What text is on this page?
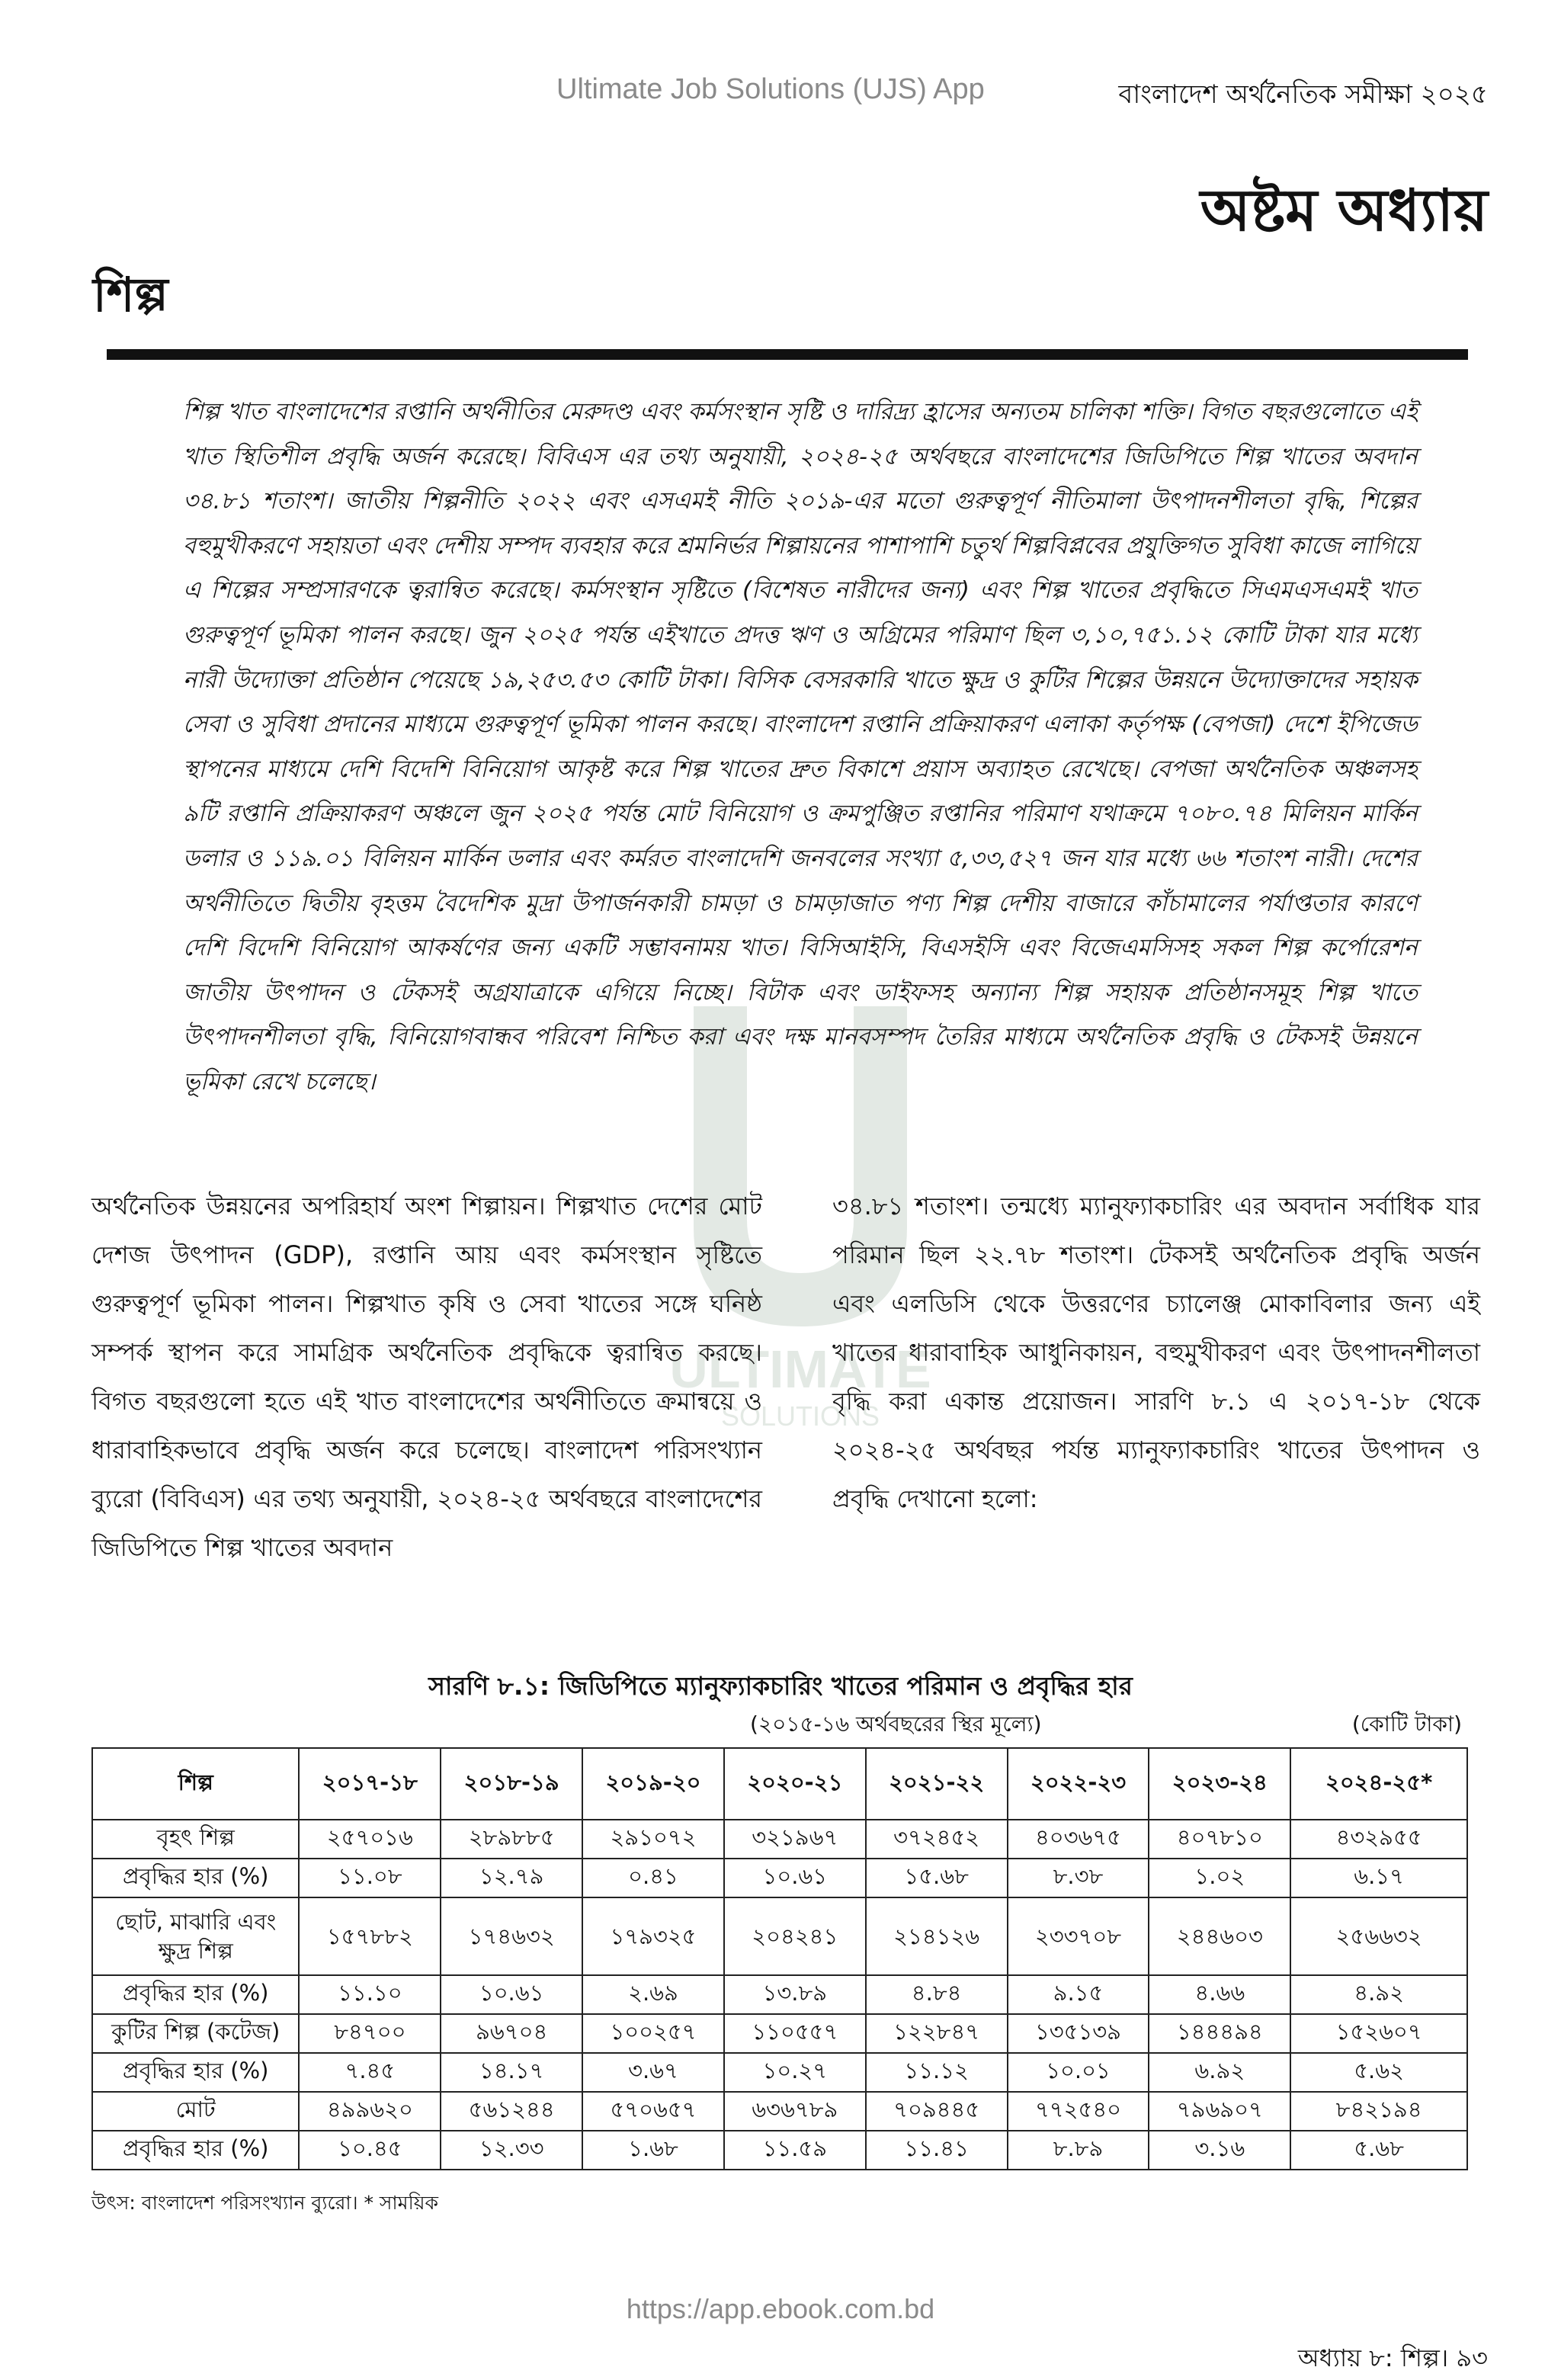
Ultimate Job Solutions (UJS) App	বাংলাদেশ অর্থনৈতিক সমীক্ষা ২০২৫
অষ্টম অধ্যায়
শিল্প
ULTIMATE
SOLUTIONS
শিল্প খাত বাংলাদেশের রপ্তানি অর্থনীতির মেরুদণ্ড এবং কর্মসংস্থান সৃষ্টি ও দারিদ্র্য হ্রাসের অন্যতম চালিকা শক্তি। বিগত বছরগুলোতে এই খাত স্থিতিশীল প্রবৃদ্ধি অর্জন করেছে। বিবিএস এর তথ্য অনুযায়ী, ২০২৪-২৫ অর্থবছরে বাংলাদেশের জিডিপিতে শিল্প খাতের অবদান ৩৪.৮১ শতাংশ। জাতীয় শিল্পনীতি ২০২২ এবং এসএমই নীতি ২০১৯-এর মতো গুরুত্বপূর্ণ নীতিমালা উৎপাদনশীলতা বৃদ্ধি, শিল্পের বহুমুখীকরণে সহায়তা এবং দেশীয় সম্পদ ব্যবহার করে শ্রমনির্ভর শিল্পায়নের পাশাপাশি চতুর্থ শিল্পবিপ্লবের প্রযুক্তিগত সুবিধা কাজে লাগিয়ে এ শিল্পের সম্প্রসারণকে ত্বরান্বিত করেছে। কর্মসংস্থান সৃষ্টিতে (বিশেষত নারীদের জন্য) এবং শিল্প খাতের প্রবৃদ্ধিতে সিএমএসএমই খাত গুরুত্বপূর্ণ ভূমিকা পালন করছে। জুন ২০২৫ পর্যন্ত এইখাতে প্রদত্ত ঋণ ও অগ্রিমের পরিমাণ ছিল ৩,১০,৭৫১.১২ কোটি টাকা যার মধ্যে নারী উদ্যোক্তা প্রতিষ্ঠান পেয়েছে ১৯,২৫৩.৫৩ কোটি টাকা। বিসিক বেসরকারি খাতে ক্ষুদ্র ও কুটির শিল্পের উন্নয়নে উদ্যোক্তাদের সহায়ক সেবা ও সুবিধা প্রদানের মাধ্যমে গুরুত্বপূর্ণ ভূমিকা পালন করছে। বাংলাদেশ রপ্তানি প্রক্রিয়াকরণ এলাকা কর্তৃপক্ষ (বেপজা) দেশে ইপিজেড স্থাপনের মাধ্যমে দেশি বিদেশি বিনিয়োগ আকৃষ্ট করে শিল্প খাতের দ্রুত বিকাশে প্রয়াস অব্যাহত রেখেছে। বেপজা অর্থনৈতিক অঞ্চলসহ ৯টি রপ্তানি প্রক্রিয়াকরণ অঞ্চলে জুন ২০২৫ পর্যন্ত মোট বিনিয়োগ ও ক্রমপুঞ্জিত রপ্তানির পরিমাণ যথাক্রমে ৭০৮০.৭৪ মিলিয়ন মার্কিন ডলার ও ১১৯.০১ বিলিয়ন মার্কিন ডলার এবং কর্মরত বাংলাদেশি জনবলের সংখ্যা ৫,৩৩,৫২৭ জন যার মধ্যে ৬৬ শতাংশ নারী। দেশের অর্থনীতিতে দ্বিতীয় বৃহত্তম বৈদেশিক মুদ্রা উপার্জনকারী চামড়া ও চামড়াজাত পণ্য শিল্প দেশীয় বাজারে কাঁচামালের পর্যাপ্ততার কারণে দেশি বিদেশি বিনিয়োগ আকর্ষণের জন্য একটি সম্ভাবনাময় খাত। বিসিআইসি, বিএসইসি এবং বিজেএমসিসহ সকল শিল্প কর্পোরেশন জাতীয় উৎপাদন ও টেকসই অগ্রযাত্রাকে এগিয়ে নিচ্ছে। বিটাক এবং ডাইফসহ অন্যান্য শিল্প সহায়ক প্রতিষ্ঠানসমূহ শিল্প খাতে উৎপাদনশীলতা বৃদ্ধি, বিনিয়োগবান্ধব পরিবেশ নিশ্চিত করা এবং দক্ষ মানবসম্পদ তৈরির মাধ্যমে অর্থনৈতিক প্রবৃদ্ধি ও টেকসই উন্নয়নে ভূমিকা রেখে চলেছে।
অর্থনৈতিক উন্নয়নের অপরিহার্য অংশ শিল্পায়ন। শিল্পখাত দেশের মোট দেশজ উৎপাদন (GDP), রপ্তানি আয় এবং কর্মসংস্থান সৃষ্টিতে গুরুত্বপূর্ণ ভূমিকা পালন। শিল্পখাত কৃষি ও সেবা খাতের সঙ্গে ঘনিষ্ঠ সম্পর্ক স্থাপন করে সামগ্রিক অর্থনৈতিক প্রবৃদ্ধিকে ত্বরান্বিত করছে। বিগত বছরগুলো হতে এই খাত বাংলাদেশের অর্থনীতিতে ক্রমান্বয়ে ও ধারাবাহিকভাবে প্রবৃদ্ধি অর্জন করে চলেছে। বাংলাদেশ পরিসংখ্যান ব্যুরো (বিবিএস) এর তথ্য অনুযায়ী, ২০২৪-২৫ অর্থবছরে বাংলাদেশের জিডিপিতে শিল্প খাতের অবদান
৩৪.৮১ শতাংশ। তন্মধ্যে ম্যানুফ্যাকচারিং এর অবদান সর্বাধিক যার পরিমান ছিল ২২.৭৮ শতাংশ। টেকসই অর্থনৈতিক প্রবৃদ্ধি অর্জন এবং এলডিসি থেকে উত্তরণের চ্যালেঞ্জ মোকাবিলার জন্য এই খাতের ধারাবাহিক আধুনিকায়ন, বহুমুখীকরণ এবং উৎপাদনশীলতা বৃদ্ধি করা একান্ত প্রয়োজন। সারণি ৮.১ এ ২০১৭-১৮ থেকে ২০২৪-২৫ অর্থবছর পর্যন্ত ম্যানুফ্যাকচারিং খাতের উৎপাদন ও প্রবৃদ্ধি দেখানো হলো:
সারণি ৮.১: জিডিপিতে ম্যানুফ্যাকচারিং খাতের পরিমান ও প্রবৃদ্ধির হার
(২০১৫-১৬ অর্থবছরের স্থির মূল্যে)	(কোটি টাকা)
শিল্প	২০১৭-১৮	২০১৮-১৯	২০১৯-২০	২০২০-২১	২০২১-২২	২০২২-২৩	২০২৩-২৪	২০২৪-২৫*
বৃহৎ শিল্প	২৫৭০১৬	২৮৯৮৮৫	২৯১০৭২	৩২১৯৬৭	৩৭২৪৫২	৪০৩৬৭৫	৪০৭৮১০	৪৩২৯৫৫
প্রবৃদ্ধির হার (%)	১১.০৮	১২.৭৯	০.৪১	১০.৬১	১৫.৬৮	৮.৩৮	১.০২	৬.১৭
ছোট, মাঝারি এবং ক্ষুদ্র শিল্প	১৫৭৮৮২	১৭৪৬৩২	১৭৯৩২৫	২০৪২৪১	২১৪১২৬	২৩৩৭০৮	২৪৪৬০৩	২৫৬৬৩২
প্রবৃদ্ধির হার (%)	১১.১০	১০.৬১	২.৬৯	১৩.৮৯	৪.৮৪	৯.১৫	৪.৬৬	৪.৯২
কুটির শিল্প (কটেজ)	৮৪৭০০	৯৬৭০৪	১০০২৫৭	১১০৫৫৭	১২২৮৪৭	১৩৫১৩৯	১৪৪৪৯৪	১৫২৬০৭
প্রবৃদ্ধির হার (%)	৭.৪৫	১৪.১৭	৩.৬৭	১০.২৭	১১.১২	১০.০১	৬.৯২	৫.৬২
মোট	৪৯৯৬২০	৫৬১২৪৪	৫৭০৬৫৭	৬৩৬৭৮৯	৭০৯৪৪৫	৭৭২৫৪০	৭৯৬৯০৭	৮৪২১৯৪
প্রবৃদ্ধির হার (%)	১০.৪৫	১২.৩৩	১.৬৮	১১.৫৯	১১.৪১	৮.৮৯	৩.১৬	৫.৬৮
উৎস: বাংলাদেশ পরিসংখ্যান ব্যুরো। * সাময়িক
https://app.ebook.com.bd
অধ্যায় ৮: শিল্প। ৯৩
